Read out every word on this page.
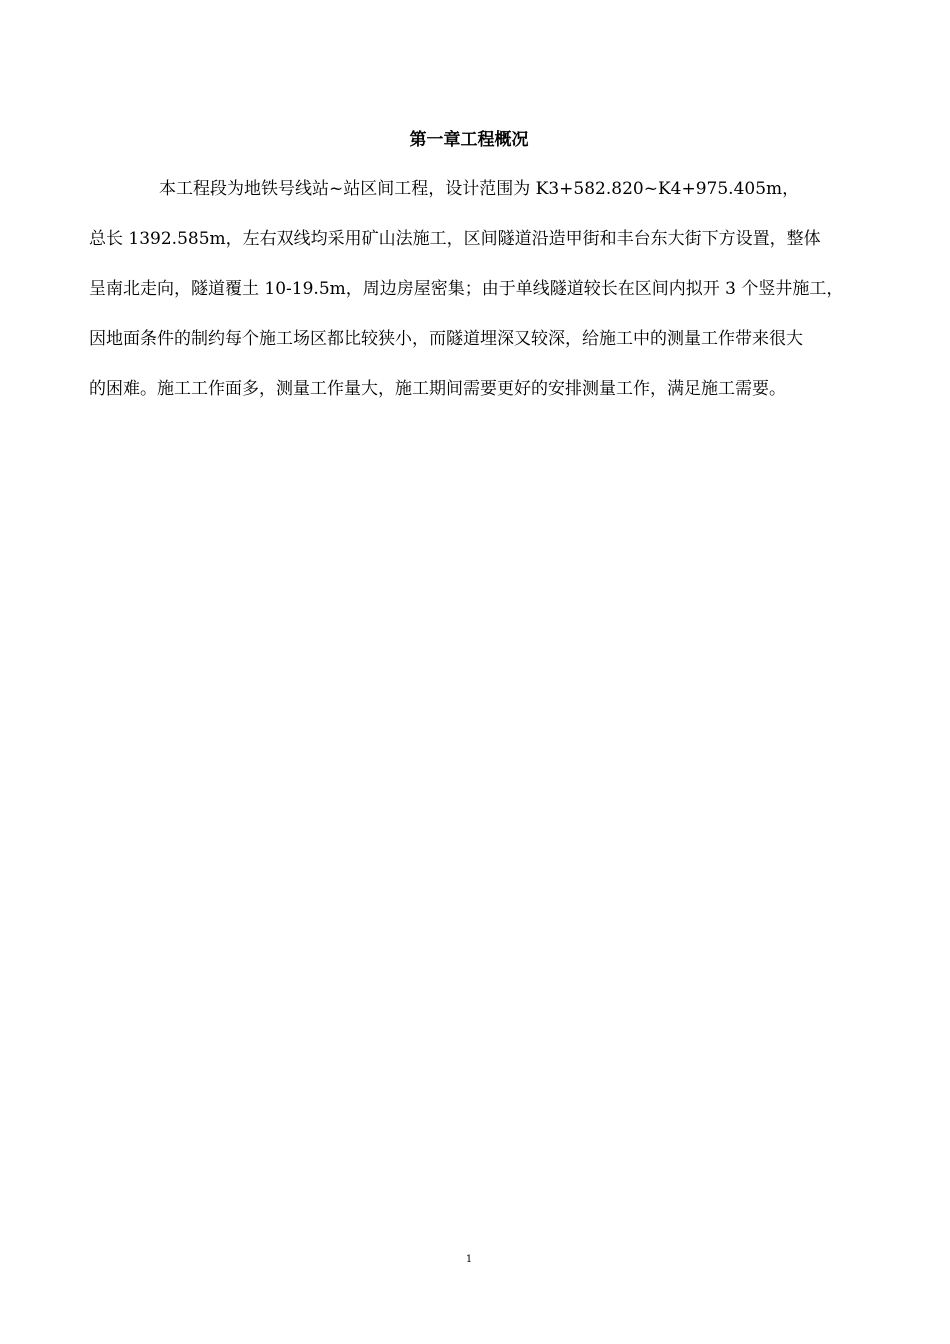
第一章工程概况
本工程段为地铁号线站~站区间工程，设计范围为 K3+582.820~K4+975.405m，
总长 1392.585m，左右双线均采用矿山法施工，区间隧道沿造甲街和丰台东大街下方设置，整体
呈南北走向，隧道覆土 10-19.5m，周边房屋密集；由于单线隧道较长在区间内拟开 3 个竖井施工，
因地面条件的制约每个施工场区都比较狭小，而隧道埋深又较深，给施工中的测量工作带来很大
的困难。施工工作面多，测量工作量大，施工期间需要更好的安排测量工作，满足施工需要。
1
